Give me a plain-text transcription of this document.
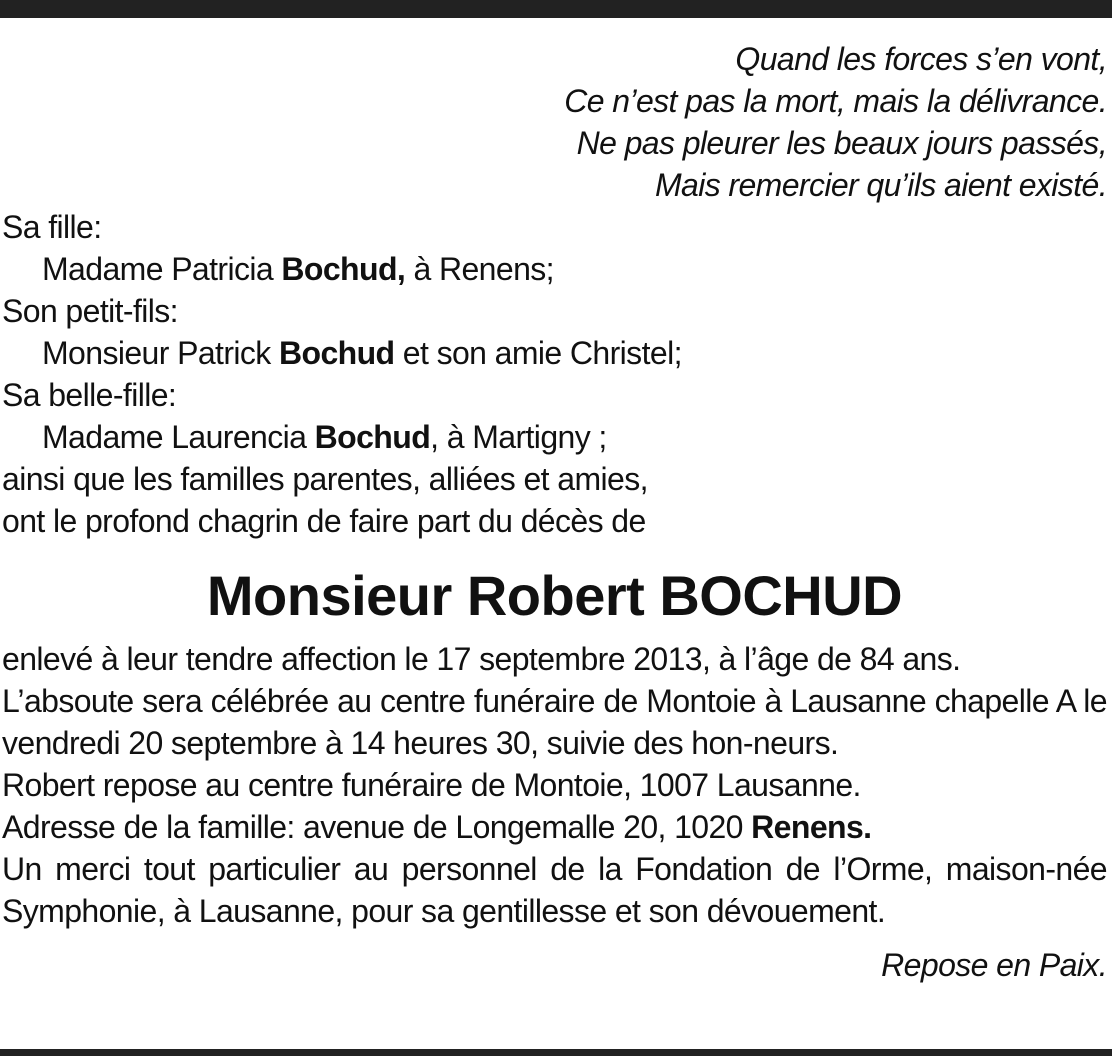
Quand les forces s’en vont,
Ce n’est pas la mort, mais la délivrance.
Ne pas pleurer les beaux jours passés,
Mais remercier qu’ils aient existé.
Sa fille:
Madame Patricia Bochud, à Renens;
Son petit-fils:
Monsieur Patrick Bochud et son amie Christel;
Sa belle-fille:
Madame Laurencia Bochud, à Martigny ;
ainsi que les familles parentes, alliées et amies,
ont le profond chagrin de faire part du décès de
Monsieur Robert BOCHUD
enlevé à leur tendre affection le 17 septembre 2013, à l’âge de 84 ans.
L’absoute sera célébrée au centre funéraire de Montoie à Lausanne chapelle A le vendredi 20 septembre à 14 heures 30, suivie des hon-neurs.
Robert repose au centre funéraire de Montoie, 1007 Lausanne.
Adresse de la famille: avenue de Longemalle 20, 1020 Renens.
Un merci tout particulier au personnel de la Fondation de l’Orme, maison-née Symphonie, à Lausanne, pour sa gentillesse et son dévouement.
Repose en Paix.
